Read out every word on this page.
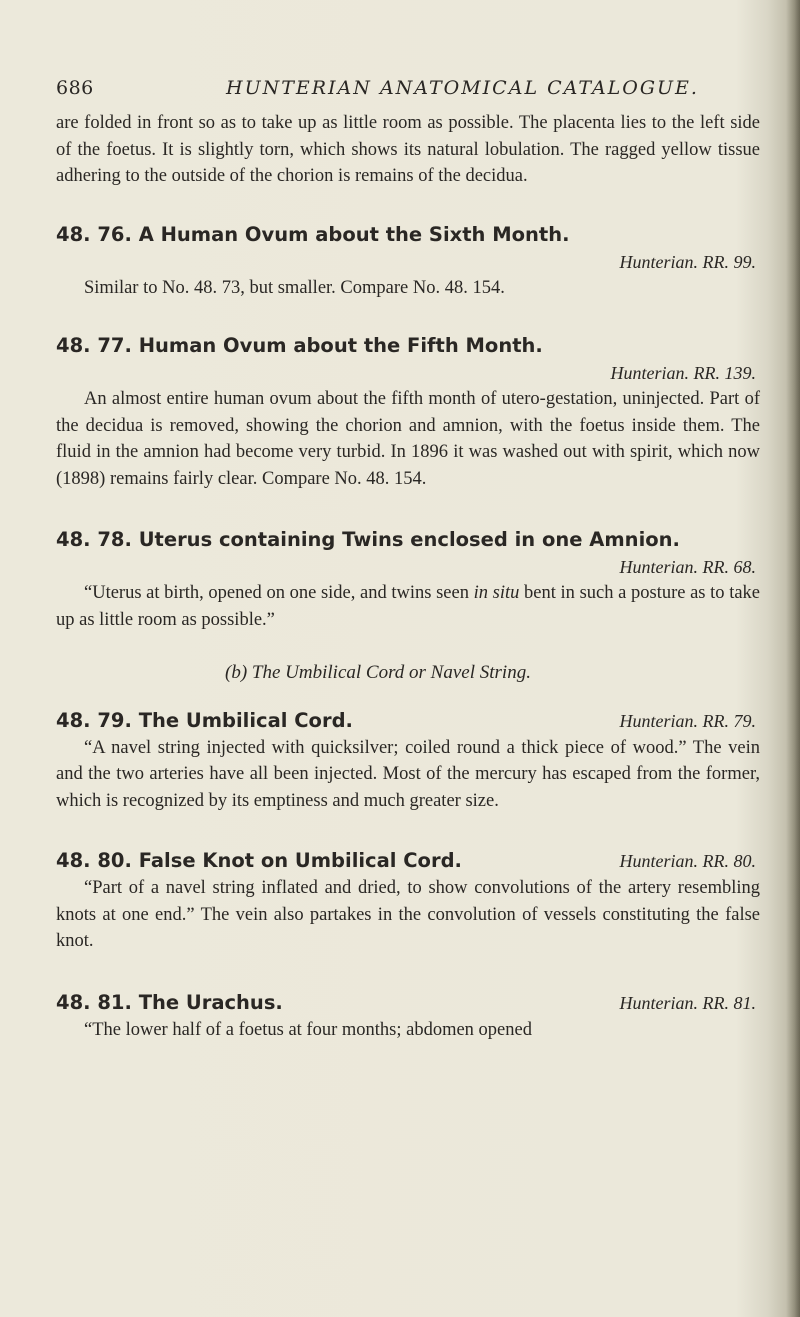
686	HUNTERIAN ANATOMICAL CATALOGUE.

are folded in front so as to take up as little room as possible. The placenta lies to the left side of the foetus. It is slightly torn, which shows its natural lobulation. The ragged yellow tissue adhering to the outside of the chorion is remains of the decidua.

48. 76. A Human Ovum about the Sixth Month.
Hunterian. RR. 99.

Similar to No. 48. 73, but smaller. Compare No. 48. 154.

48. 77. Human Ovum about the Fifth Month.
Hunterian. RR. 139.

An almost entire human ovum about the fifth month of utero-gestation, uninjected. Part of the decidua is removed, showing the chorion and amnion, with the foetus inside them. The fluid in the amnion had become very turbid. In 1896 it was washed out with spirit, which now (1898) remains fairly clear. Compare No. 48. 154.

48. 78. Uterus containing Twins enclosed in one Amnion.
Hunterian. RR. 68.

“Uterus at birth, opened on one side, and twins seen in situ bent in such a posture as to take up as little room as possible.”

(b) The Umbilical Cord or Navel String.
48. 79. The Umbilical Cord.	Hunterian. RR. 79.

“A navel string injected with quicksilver; coiled round a thick piece of wood.” The vein and the two arteries have all been injected. Most of the mercury has escaped from the former, which is recognized by its emptiness and much greater size.

48. 80. False Knot on Umbilical Cord.	Hunterian. RR. 80.

“Part of a navel string inflated and dried, to show convolutions of the artery resembling knots at one end.” The vein also partakes in the convolution of vessels constituting the false knot.

48. 81. The Urachus.	Hunterian. RR. 81.

“The lower half of a foetus at four months; abdomen opened
